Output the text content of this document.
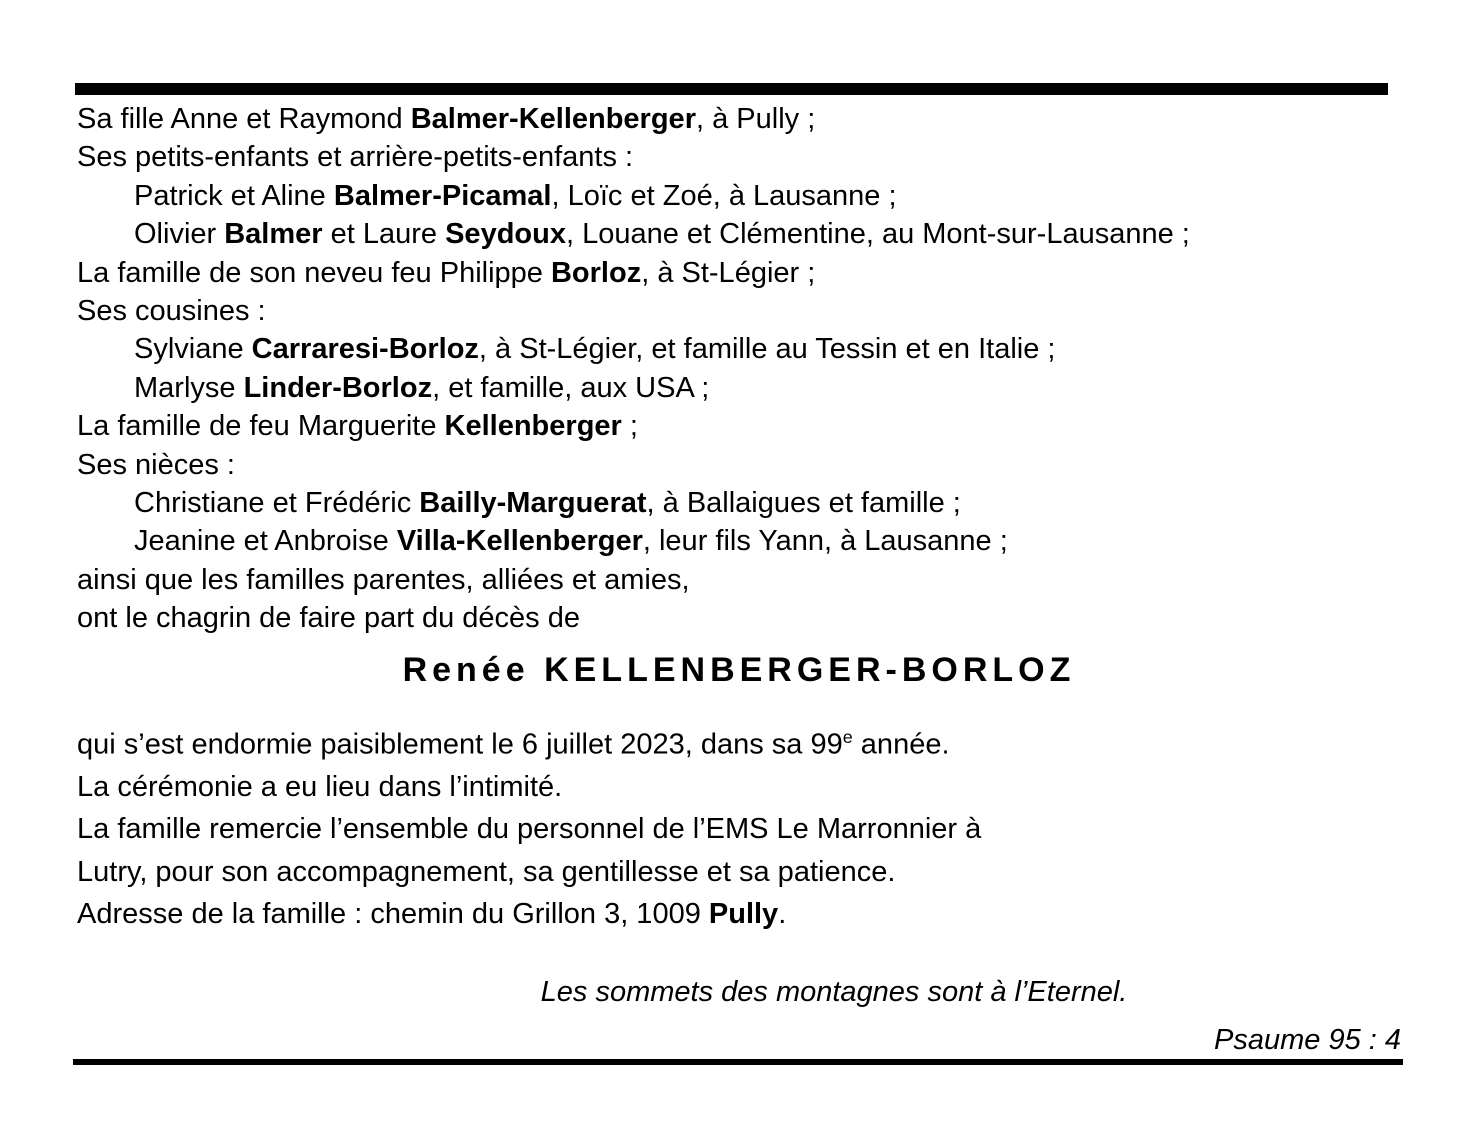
Sa fille Anne et Raymond Balmer-Kellenberger, à Pully ;
Ses petits-enfants et arrière-petits-enfants :
Patrick et Aline Balmer-Picamal, Loïc et Zoé, à Lausanne ;
Olivier Balmer et Laure Seydoux, Louane et Clémentine, au Mont-sur-Lausanne ;
La famille de son neveu feu Philippe Borloz, à St-Légier ;
Ses cousines :
Sylviane Carraresi-Borloz, à St-Légier, et famille au Tessin et en Italie ;
Marlyse Linder-Borloz, et famille, aux USA ;
La famille de feu Marguerite Kellenberger ;
Ses nièces :
Christiane et Frédéric Bailly-Marguerat, à Ballaigues et famille ;
Jeanine et Anbroise Villa-Kellenberger, leur fils Yann, à Lausanne ;
ainsi que les familles parentes, alliées et amies,
ont le chagrin de faire part du décès de
Renée KELLENBERGER-BORLOZ
qui s’est endormie paisiblement le 6 juillet 2023, dans sa 99e année.
La cérémonie a eu lieu dans l’intimité.
La famille remercie l’ensemble du personnel de l’EMS Le Marronnier à
Lutry, pour son accompagnement, sa gentillesse et sa patience.
Adresse de la famille : chemin du Grillon 3, 1009 Pully.
Les sommets des montagnes sont à l’Eternel.
Psaume 95 : 4
